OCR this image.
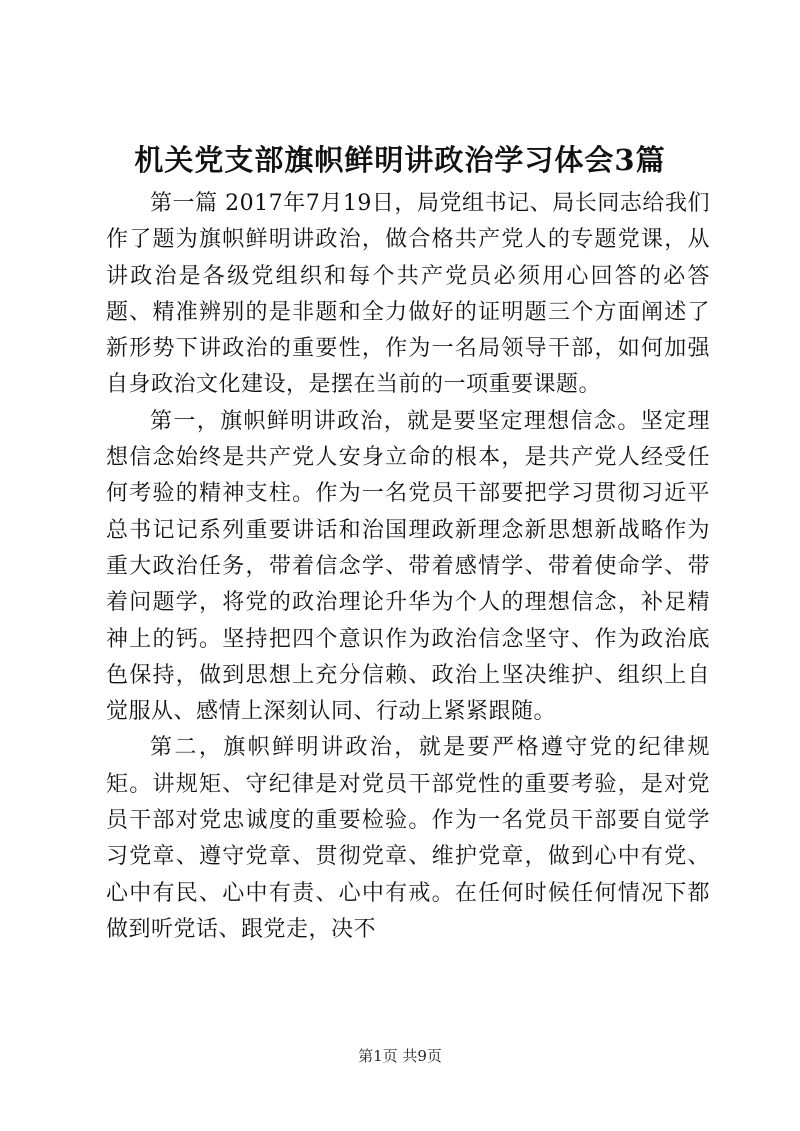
机关党支部旗帜鲜明讲政治学习体会3篇

第一篇 2017年7月19日，局党组书记、局长同志给我们作了题为旗帜鲜明讲政治，做合格共产党人的专题党课，从讲政治是各级党组织和每个共产党员必须用心回答的必答题、精准辨别的是非题和全力做好的证明题三个方面阐述了新形势下讲政治的重要性，作为一名局领导干部，如何加强自身政治文化建设，是摆在当前的一项重要课题。

第一，旗帜鲜明讲政治，就是要坚定理想信念。坚定理想信念始终是共产党人安身立命的根本，是共产党人经受任何考验的精神支柱。作为一名党员干部要把学习贯彻习近平总书记记系列重要讲话和治国理政新理念新思想新战略作为重大政治任务，带着信念学、带着感情学、带着使命学、带着问题学，将党的政治理论升华为个人的理想信念，补足精神上的钙。坚持把四个意识作为政治信念坚守、作为政治底色保持，做到思想上充分信赖、政治上坚决维护、组织上自觉服从、感情上深刻认同、行动上紧紧跟随。

第二，旗帜鲜明讲政治，就是要严格遵守党的纪律规矩。讲规矩、守纪律是对党员干部党性的重要考验，是对党员干部对党忠诚度的重要检验。作为一名党员干部要自觉学习党章、遵守党章、贯彻党章、维护党章，做到心中有党、心中有民、心中有责、心中有戒。在任何时候任何情况下都做到听党话、跟党走，决不

第1页 共9页
